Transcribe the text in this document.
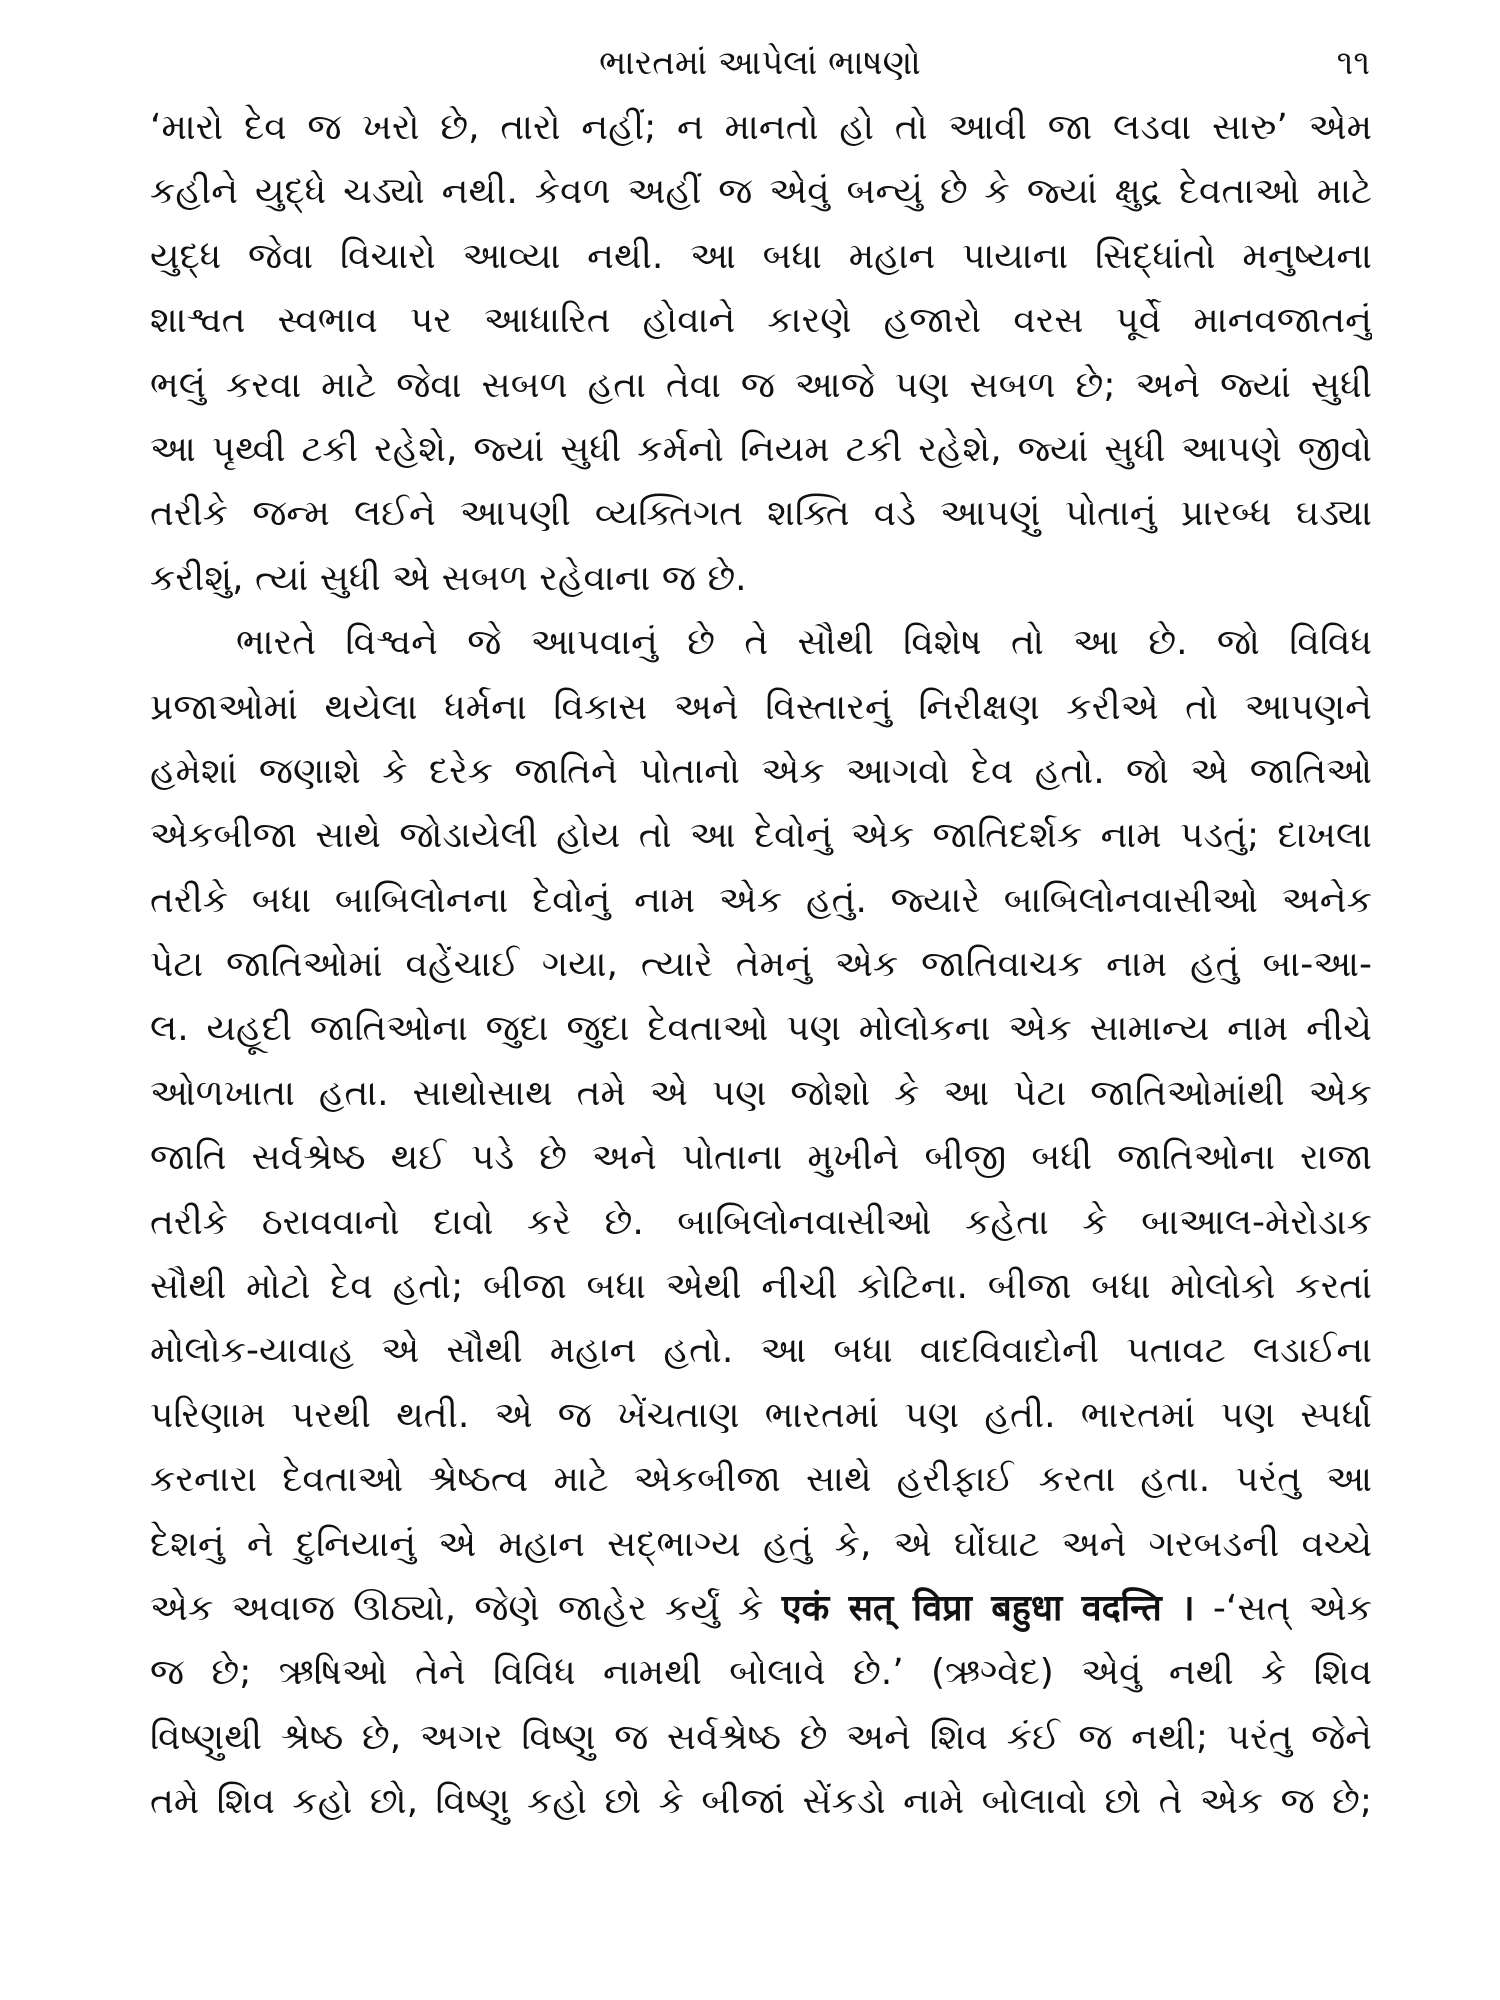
ભારતમાં આપેલાં ભાષણો	૧૧
‘મારો દેવ જ ખરો છે, તારો નહીં; ન માનતો હો તો આવી જા લડવા સારુ’ એમ
કહીને યુદ્ધે ચડ્યો નથી. કેવળ અહીં જ એવું બન્યું છે કે જ્યાં ક્ષુદ્ર દેવતાઓ માટે
યુદ્ધ જેવા વિચારો આવ્યા નથી. આ બધા મહાન પાયાના સિદ્ધાંતો મનુષ્યના
શાશ્વત સ્વભાવ પર આધારિત હોવાને કારણે હજારો વરસ પૂર્વે માનવજાતનું
ભલું કરવા માટે જેવા સબળ હતા તેવા જ આજે પણ સબળ છે; અને જ્યાં સુધી
આ પૃથ્વી ટકી રહેશે, જ્યાં સુધી કર્મનો નિયમ ટકી રહેશે, જ્યાં સુધી આપણે જીવો
તરીકે જન્મ લઈને આપણી વ્યક્તિગત શક્તિ વડે આપણું પોતાનું પ્રારબ્ધ ઘડ્યા
કરીશું, ત્યાં સુધી એ સબળ રહેવાના જ છે.
ભારતે વિશ્વને જે આપવાનું છે તે સૌથી વિશેષ તો આ છે. જો વિવિધ
પ્રજાઓમાં થયેલા ધર્મના વિકાસ અને વિસ્તારનું નિરીક્ષણ કરીએ તો આપણને
હમેશાં જણાશે કે દરેક જાતિને પોતાનો એક આગવો દેવ હતો. જો એ જાતિઓ
એકબીજા સાથે જોડાયેલી હોય તો આ દેવોનું એક જાતિદર્શક નામ પડતું; દાખલા
તરીકે બધા બાબિલોનના દેવોનું નામ એક હતું. જ્યારે બાબિલોનવાસીઓ અનેક
પેટા જાતિઓમાં વહેંચાઈ ગયા, ત્યારે તેમનું એક જાતિવાચક નામ હતું બા-આ-
લ. યહૂદી જાતિઓના જુદા જુદા દેવતાઓ પણ મોલોકના એક સામાન્ય નામ નીચે
ઓળખાતા હતા. સાથોસાથ તમે એ પણ જોશો કે આ પેટા જાતિઓમાંથી એક
જાતિ સર્વશ્રેષ્ઠ થઈ પડે છે અને પોતાના મુખીને બીજી બધી જાતિઓના રાજા
તરીકે ઠરાવવાનો દાવો કરે છે. બાબિલોનવાસીઓ કહેતા કે બાઆલ-મેરોડાક
સૌથી મોટો દેવ હતો; બીજા બધા એથી નીચી કોટિના. બીજા બધા મોલોકો કરતાં
મોલોક-યાવાહ એ સૌથી મહાન હતો. આ બધા વાદવિવાદોની પતાવટ લડાઈના
પરિણામ પરથી થતી. એ જ ખેંચતાણ ભારતમાં પણ હતી. ભારતમાં પણ સ્પર્ધા
કરનારા દેવતાઓ શ્રેષ્ઠત્વ માટે એકબીજા સાથે હરીફાઈ કરતા હતા. પરંતુ આ
દેશનું ને દુનિયાનું એ મહાન સદ્‌ભાગ્ય હતું કે, એ ઘોંઘાટ અને ગરબડની વચ્ચે
એક અવાજ ઊઠ્યો, જેણે જાહેર કર્યું કે एकं सत् विप्रा बहुधा वदन्ति । -‘સત્ એક
જ છે; ઋષિઓ તેને વિવિધ નામથી બોલાવે છે.’ (ઋગ્વેદ) એવું નથી કે શિવ
વિષ્ણુથી શ્રેષ્ઠ છે, અગર વિષ્ણુ જ સર્વશ્રેષ્ઠ છે અને શિવ કંઈ જ નથી; પરંતુ જેને
તમે શિવ કહો છો, વિષ્ણુ કહો છો કે બીજાં સેંકડો નામે બોલાવો છો તે એક જ છે;
